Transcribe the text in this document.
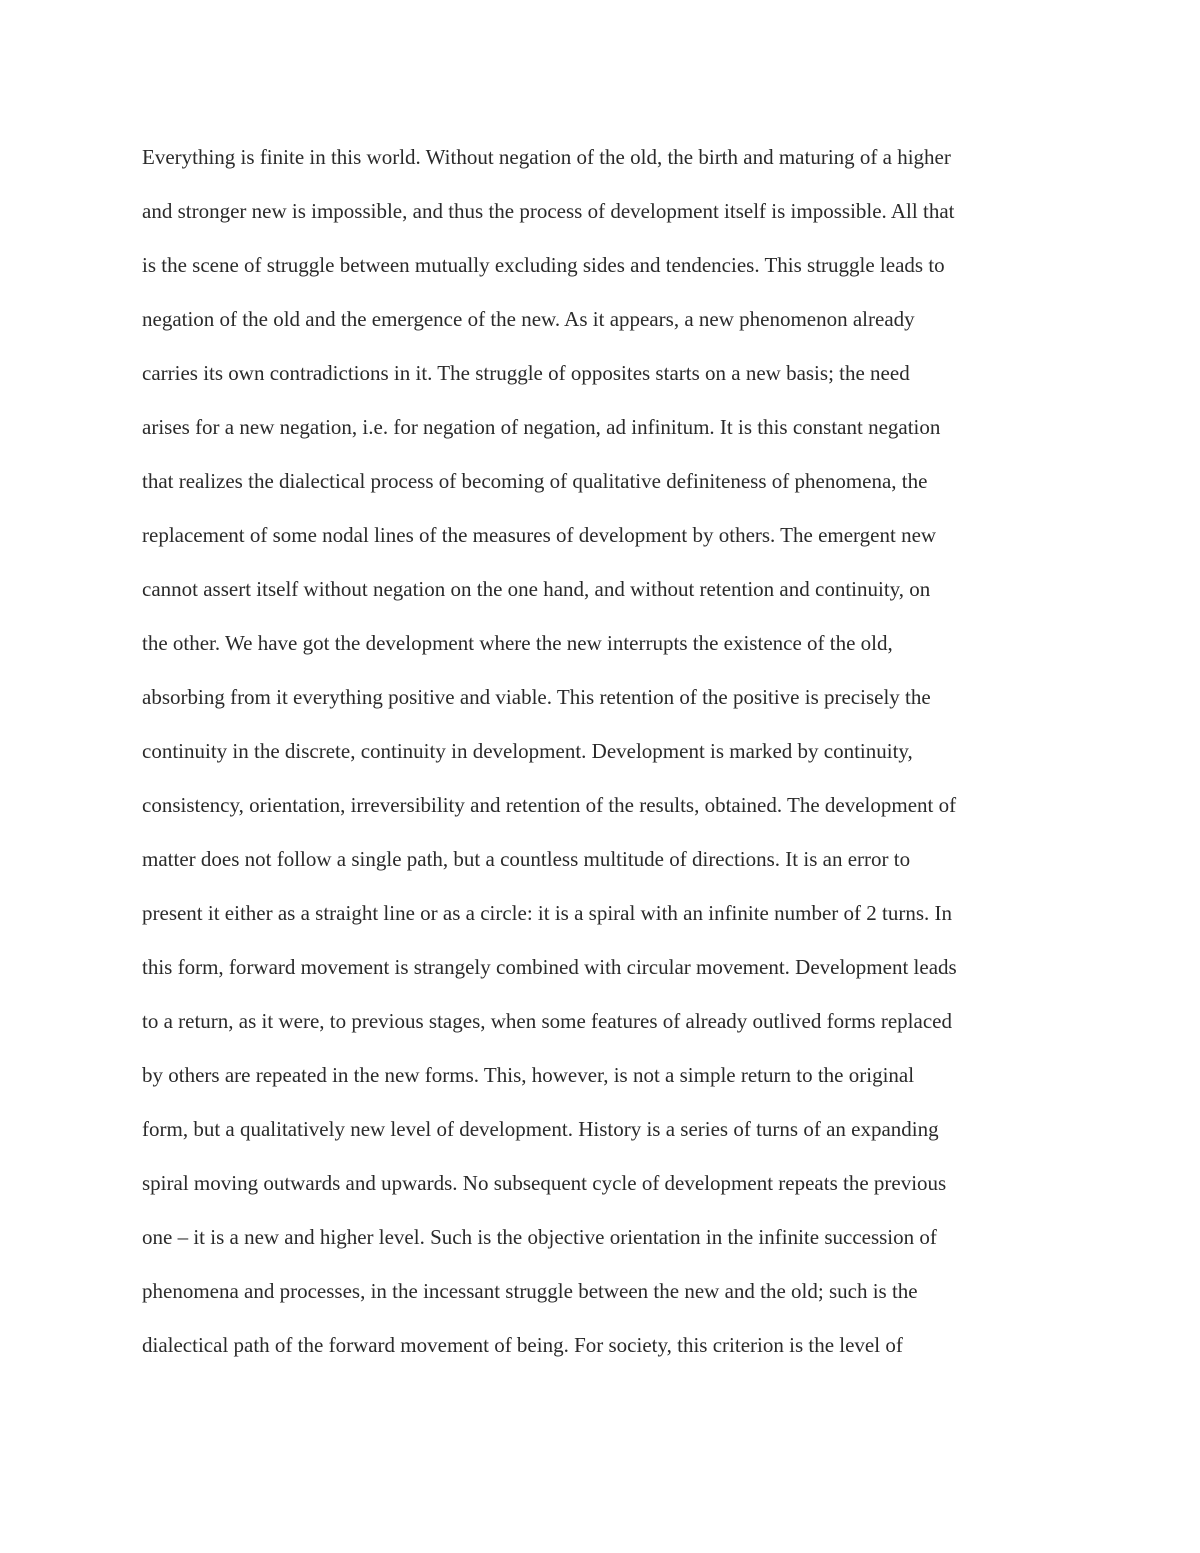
Everything is finite in this world. Without negation of the old, the birth and maturing of a higher
and stronger new is impossible, and thus the process of development itself is impossible. All that
is the scene of struggle between mutually excluding sides and tendencies. This struggle leads to
negation of the old and the emergence of the new. As it appears, a new phenomenon already
carries its own contradictions in it. The struggle of opposites starts on a new basis; the need
arises for a new negation, i.e. for negation of negation, ad infinitum. It is this constant negation
that realizes the dialectical process of becoming of qualitative definiteness of phenomena, the
replacement of some nodal lines of the measures of development by others. The emergent new
cannot assert itself without negation on the one hand, and without retention and continuity, on
the other. We have got the development where the new interrupts the existence of the old,
absorbing from it everything positive and viable. This retention of the positive is precisely the
continuity in the discrete, continuity in development. Development is marked by continuity,
consistency, orientation, irreversibility and retention of the results, obtained. The development of
matter does not follow a single path, but a countless multitude of directions. It is an error to
present it either as a straight line or as a circle: it is a spiral with an infinite number of 2 turns. In
this form, forward movement is strangely combined with circular movement. Development leads
to a return, as it were, to previous stages, when some features of already outlived forms replaced
by others are repeated in the new forms. This, however, is not a simple return to the original
form, but a qualitatively new level of development. History is a series of turns of an expanding
spiral moving outwards and upwards. No subsequent cycle of development repeats the previous
one – it is a new and higher level. Such is the objective orientation in the infinite succession of
phenomena and processes, in the incessant struggle between the new and the old; such is the
dialectical path of the forward movement of being. For society, this criterion is the level of
